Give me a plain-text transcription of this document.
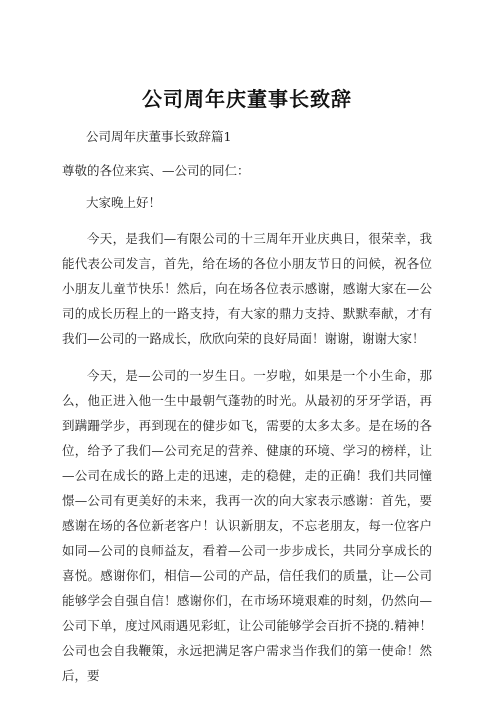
公司周年庆董事长致辞
公司周年庆董事长致辞篇1
尊敬的各位来宾、—公司的同仁：
大家晚上好！

今天，是我们—有限公司的十三周年开业庆典日，很荣幸，我能代表公司发言，首先，给在场的各位小朋友节日的问候，祝各位小朋友儿童节快乐！然后，向在场各位表示感谢，感谢大家在—公司的成长历程上的一路支持，有大家的鼎力支持、默默奉献，才有我们—公司的一路成长，欣欣向荣的良好局面！谢谢，谢谢大家！

今天，是—公司的一岁生日。一岁啦，如果是一个小生命，那么，他正进入他一生中最朝气蓬勃的时光。从最初的牙牙学语，再到蹒跚学步，再到现在的健步如飞，需要的太多太多。是在场的各位，给予了我们—公司充足的营养、健康的环境、学习的榜样，让—公司在成长的路上走的迅速，走的稳健，走的正确！我们共同憧憬—公司有更美好的未来，我再一次的向大家表示感谢：首先，要感谢在场的各位新老客户！认识新朋友，不忘老朋友，每一位客户如同—公司的良师益友，看着—公司一步步成长，共同分享成长的喜悦。感谢你们，相信—公司的产品，信任我们的质量，让—公司能够学会自强自信！感谢你们，在市场环境艰难的时刻，仍然向—公司下单，度过风雨遇见彩虹，让公司能够学会百折不挠的.精神！公司也会自我鞭策，永远把满足客户需求当作我们的第一使命！然后，要
